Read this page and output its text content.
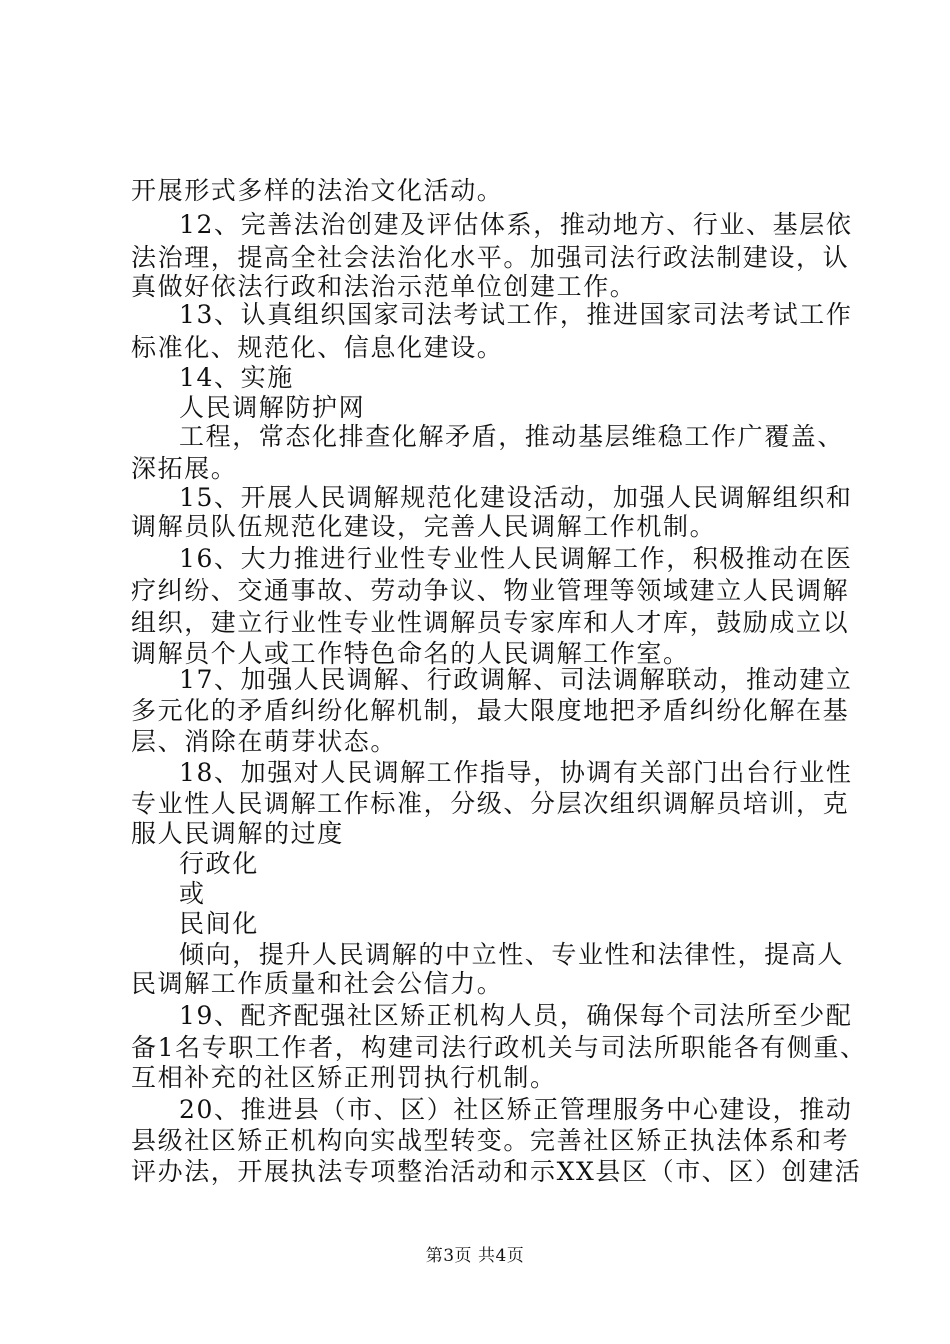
开展形式多样的法治文化活动。
12、完善法治创建及评估体系，推动地方、行业、基层依
法治理，提高全社会法治化水平。加强司法行政法制建设，认
真做好依法行政和法治示范单位创建工作。
13、认真组织国家司法考试工作，推进国家司法考试工作
标准化、规范化、信息化建设。
14、实施
人民调解防护网
工程，常态化排查化解矛盾，推动基层维稳工作广覆盖、
深拓展。
15、开展人民调解规范化建设活动，加强人民调解组织和
调解员队伍规范化建设，完善人民调解工作机制。
16、大力推进行业性专业性人民调解工作，积极推动在医
疗纠纷、交通事故、劳动争议、物业管理等领域建立人民调解
组织，建立行业性专业性调解员专家库和人才库，鼓励成立以
调解员个人或工作特色命名的人民调解工作室。
17、加强人民调解、行政调解、司法调解联动，推动建立
多元化的矛盾纠纷化解机制，最大限度地把矛盾纠纷化解在基
层、消除在萌芽状态。
18、加强对人民调解工作指导，协调有关部门出台行业性
专业性人民调解工作标准，分级、分层次组织调解员培训，克
服人民调解的过度
行政化
或
民间化
倾向，提升人民调解的中立性、专业性和法律性，提高人
民调解工作质量和社会公信力。
19、配齐配强社区矫正机构人员，确保每个司法所至少配
备1名专职工作者，构建司法行政机关与司法所职能各有侧重、
互相补充的社区矫正刑罚执行机制。
20、推进县（市、区）社区矫正管理服务中心建设，推动
县级社区矫正机构向实战型转变。完善社区矫正执法体系和考
评办法，开展执法专项整治活动和示XX县区（市、区）创建活
第3页 共4页
